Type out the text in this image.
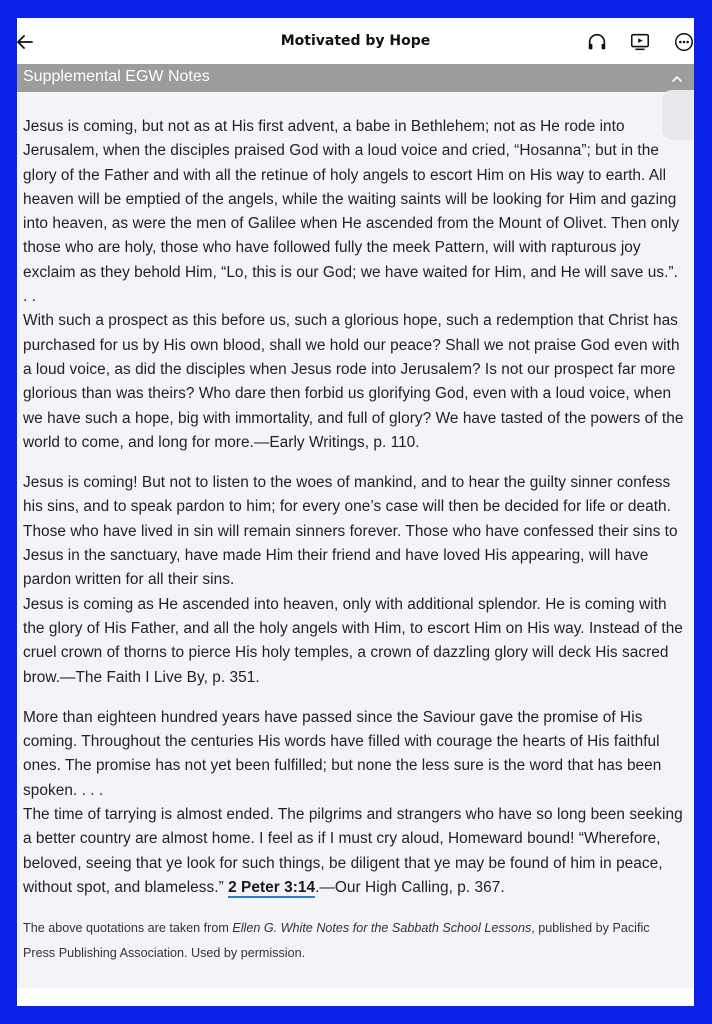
Motivated by Hope
Supplemental EGW Notes

Jesus is coming, but not as at His first advent, a babe in Bethlehem; not as He rode into Jerusalem, when the disciples praised God with a loud voice and cried, “Hosanna”; but in the glory of the Father and with all the retinue of holy angels to escort Him on His way to earth. All heaven will be emptied of the angels, while the waiting saints will be looking for Him and gazing into heaven, as were the men of Galilee when He ascended from the Mount of Olivet. Then only those who are holy, those who have followed fully the meek Pattern, will with rapturous joy exclaim as they behold Him, “Lo, this is our God; we have waited for Him, and He will save us.”. . .

With such a prospect as this before us, such a glorious hope, such a redemption that Christ has purchased for us by His own blood, shall we hold our peace? Shall we not praise God even with a loud voice, as did the disciples when Jesus rode into Jerusalem? Is not our prospect far more glorious than was theirs? Who dare then forbid us glorifying God, even with a loud voice, when we have such a hope, big with immortality, and full of glory? We have tasted of the powers of the world to come, and long for more.—Early Writings, p. 110.

Jesus is coming! But not to listen to the woes of mankind, and to hear the guilty sinner confess his sins, and to speak pardon to him; for every one’s case will then be decided for life or death. Those who have lived in sin will remain sinners forever. Those who have confessed their sins to Jesus in the sanctuary, have made Him their friend and have loved His appearing, will have pardon written for all their sins.

Jesus is coming as He ascended into heaven, only with additional splendor. He is coming with the glory of His Father, and all the holy angels with Him, to escort Him on His way. Instead of the cruel crown of thorns to pierce His holy temples, a crown of dazzling glory will deck His sacred brow.—The Faith I Live By, p. 351.

More than eighteen hundred years have passed since the Saviour gave the promise of His coming. Throughout the centuries His words have filled with courage the hearts of His faithful ones. The promise has not yet been fulfilled; but none the less sure is the word that has been spoken. . . .

The time of tarrying is almost ended. The pilgrims and strangers who have so long been seeking a better country are almost home. I feel as if I must cry aloud, Homeward bound! “Wherefore, beloved, seeing that ye look for such things, be diligent that ye may be found of him in peace, without spot, and blameless.” 2 Peter 3:14.—Our High Calling, p. 367.

The above quotations are taken from Ellen G. White Notes for the Sabbath School Lessons, published by Pacific Press Publishing Association. Used by permission.
